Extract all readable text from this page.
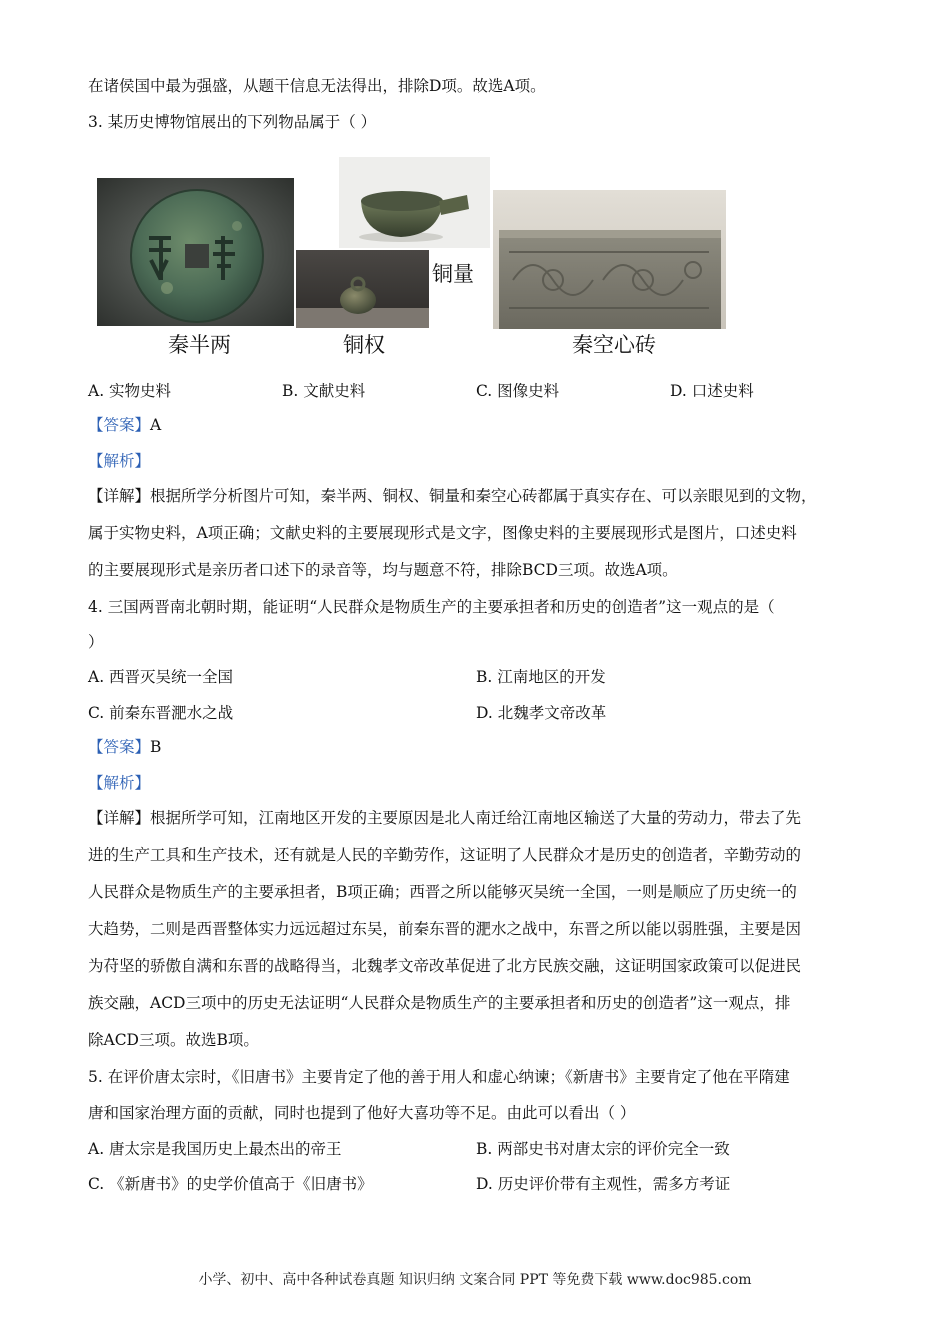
在诸侯国中最为强盛，从题干信息无法得出，排除D项。故选A项。
3. 某历史博物馆展出的下列物品属于（ ）
秦半两	铜权
铜量
秦空心砖
A. 实物史料	B. 文献史料	C. 图像史料	D. 口述史料
【答案】A
【解析】
【详解】根据所学分析图片可知，秦半两、铜权、铜量和秦空心砖都属于真实存在、可以亲眼见到的文物，
属于实物史料，A项正确；文献史料的主要展现形式是文字，图像史料的主要展现形式是图片，口述史料
的主要展现形式是亲历者口述下的录音等，均与题意不符，排除BCD三项。故选A项。
4. 三国两晋南北朝时期，能证明“人民群众是物质生产的主要承担者和历史的创造者”这一观点的是（
）
A. 西晋灭吴统一全国	B. 江南地区的开发
C. 前秦东晋淝水之战	D. 北魏孝文帝改革
【答案】B
【解析】
【详解】根据所学可知，江南地区开发的主要原因是北人南迁给江南地区输送了大量的劳动力，带去了先
进的生产工具和生产技术，还有就是人民的辛勤劳作，这证明了人民群众才是历史的创造者，辛勤劳动的
人民群众是物质生产的主要承担者，B项正确；西晋之所以能够灭吴统一全国，一则是顺应了历史统一的
大趋势，二则是西晋整体实力远远超过东吴，前秦东晋的淝水之战中，东晋之所以能以弱胜强，主要是因
为苻坚的骄傲自满和东晋的战略得当，北魏孝文帝改革促进了北方民族交融，这证明国家政策可以促进民
族交融，ACD三项中的历史无法证明“人民群众是物质生产的主要承担者和历史的创造者”这一观点，排
除ACD三项。故选B项。
5. 在评价唐太宗时，《旧唐书》主要肯定了他的善于用人和虚心纳谏；《新唐书》主要肯定了他在平隋建
唐和国家治理方面的贡献，同时也提到了他好大喜功等不足。由此可以看出（ ）
A. 唐太宗是我国历史上最杰出的帝王	B. 两部史书对唐太宗的评价完全一致
C. 《新唐书》的史学价值高于《旧唐书》	D. 历史评价带有主观性，需多方考证
小学、初中、高中各种试卷真题 知识归纳 文案合同 PPT 等免费下载 www.doc985.com
